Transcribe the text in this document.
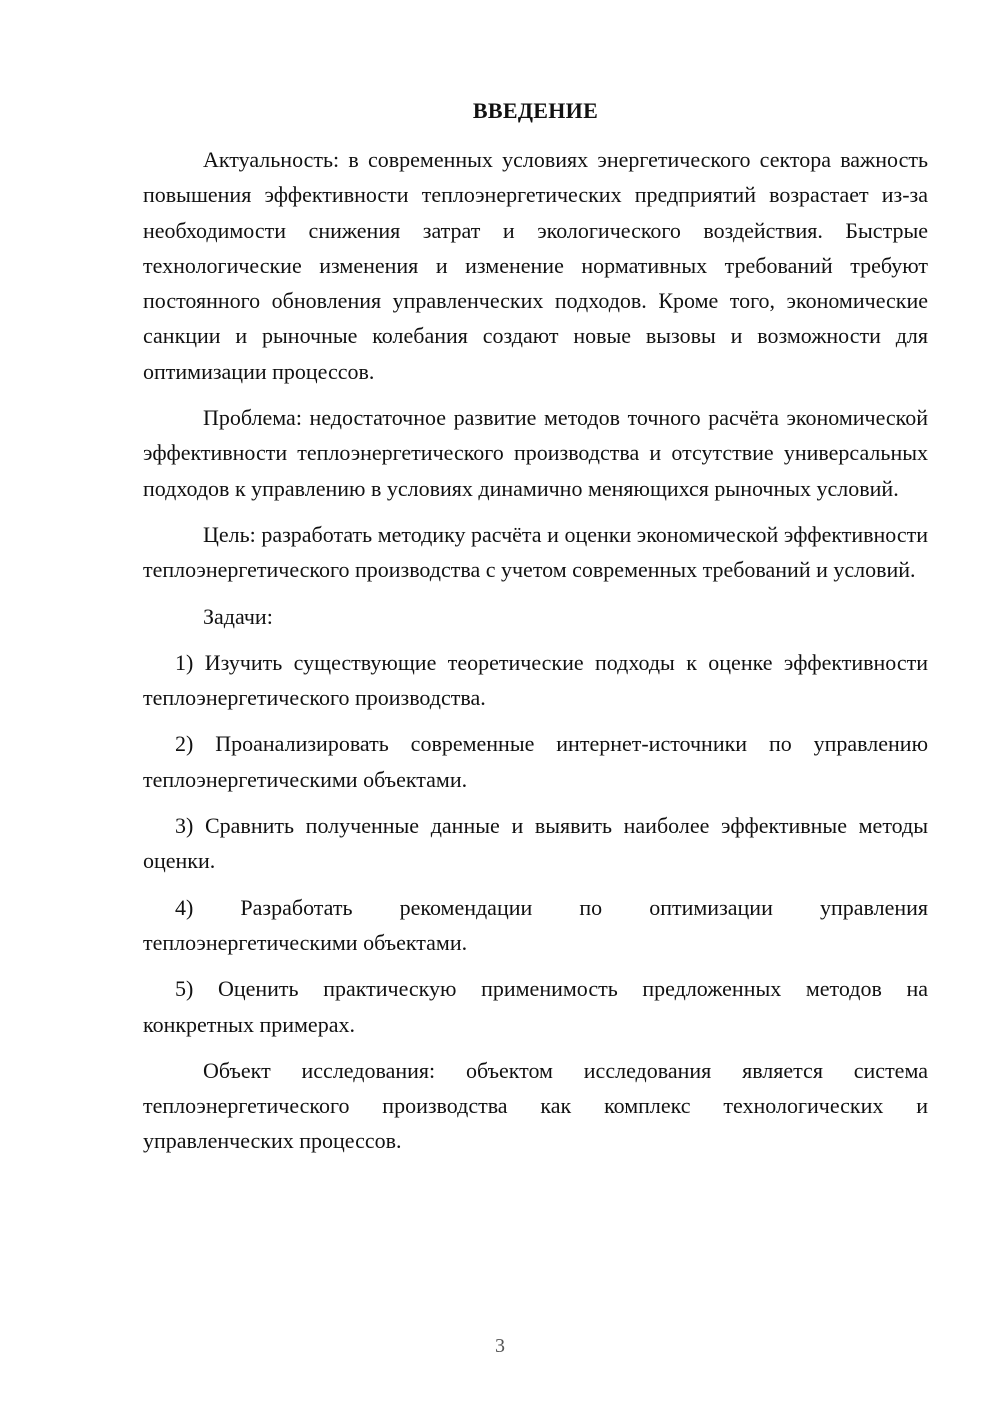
ВВЕДЕНИЕ

Актуальность: в современных условиях энергетического сектора важность повышения эффективности теплоэнергетических предприятий возрастает из-за необходимости снижения затрат и экологического воздействия. Быстрые технологические изменения и изменение нормативных требований требуют постоянного обновления управленческих подходов. Кроме того, экономические санкции и рыночные колебания создают новые вызовы и возможности для оптимизации процессов.

Проблема: недостаточное развитие методов точного расчёта экономической эффективности теплоэнергетического производства и отсутствие универсальных подходов к управлению в условиях динамично меняющихся рыночных условий.

Цель: разработать методику расчёта и оценки экономической эффективности теплоэнергетического производства с учетом современных требований и условий.

Задачи:

1) Изучить существующие теоретические подходы к оценке эффективности теплоэнергетического производства.

2) Проанализировать современные интернет-источники по управлению теплоэнергетическими объектами.

3) Сравнить полученные данные и выявить наиболее эффективные методы оценки.

4) Разработать рекомендации по оптимизации управления теплоэнергетическими объектами.

5) Оценить практическую применимость предложенных методов на конкретных примерах.

Объект исследования: объектом исследования является система теплоэнергетического производства как комплекс технологических и управленческих процессов.

3
